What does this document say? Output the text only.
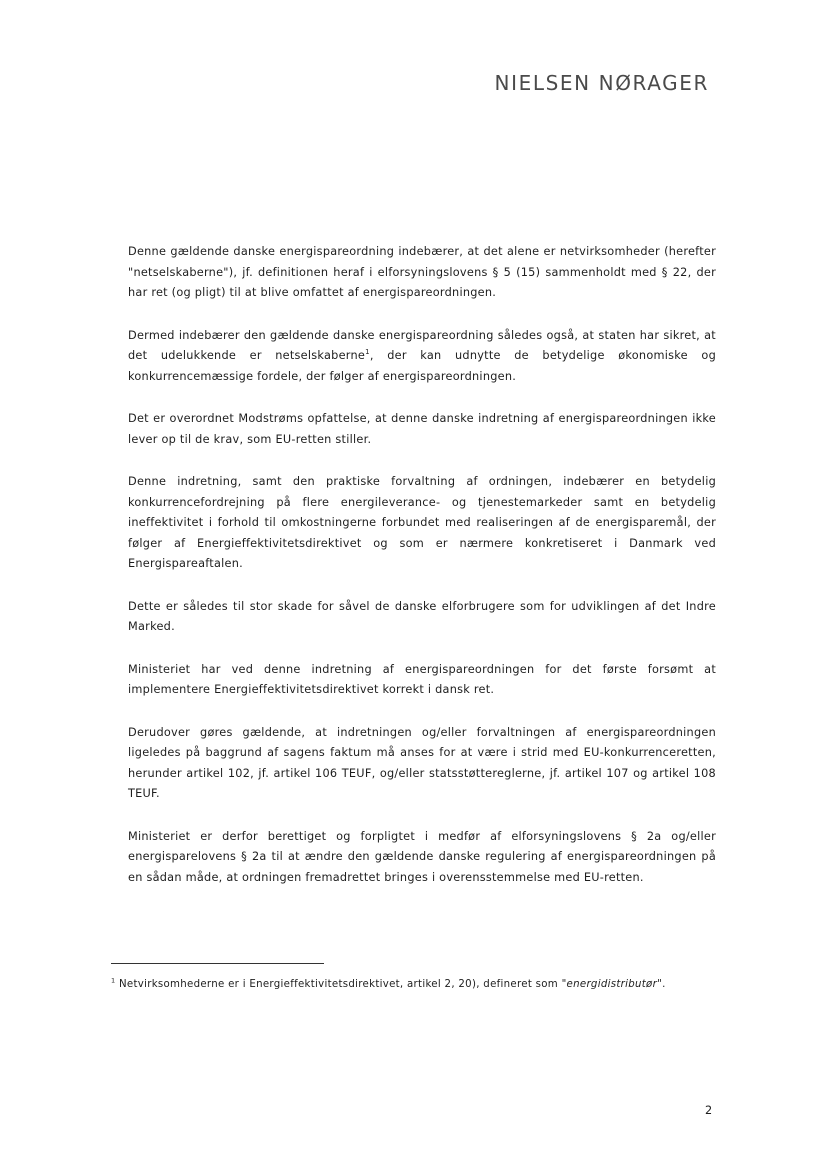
NIELSEN NØRAGER

Denne gældende danske energispareordning indebærer, at det alene er netvirksomheder (herefter "netselskaberne"), jf. definitionen heraf i elforsyningslovens § 5 (15) sammenholdt med § 22, der har ret (og pligt) til at blive omfattet af energispareordningen.

Dermed indebærer den gældende danske energispareordning således også, at staten har sikret, at det udelukkende er netselskaberne$^1$, der kan udnytte de betydelige økonomiske og konkurrencemæssige fordele, der følger af energispareordningen.

Det er overordnet Modstrøms opfattelse, at denne danske indretning af energispareordningen ikke lever op til de krav, som EU-retten stiller.

Denne indretning, samt den praktiske forvaltning af ordningen, indebærer en betydelig konkurrencefordrejning på flere energileverance- og tjenestemarkeder samt en betydelig ineffektivitet i forhold til omkostningerne forbundet med realiseringen af de energisparemål, der følger af Energieffektivitetsdirektivet og som er nærmere konkretiseret i Danmark ved Energispareaftalen.

Dette er således til stor skade for såvel de danske elforbrugere som for udviklingen af det Indre Marked.

Ministeriet har ved denne indretning af energispareordningen for det første forsømt at implementere Energieffektivitetsdirektivet korrekt i dansk ret.

Derudover gøres gældende, at indretningen og/eller forvaltningen af energispareordningen ligeledes på baggrund af sagens faktum må anses for at være i strid med EU-konkurrenceretten, herunder artikel 102, jf. artikel 106 TEUF, og/eller statsstøttereglerne, jf. artikel 107 og artikel 108 TEUF.

Ministeriet er derfor berettiget og forpligtet i medfør af elforsyningslovens § 2a og/eller energisparelovens § 2a til at ændre den gældende danske regulering af energispareordningen på en sådan måde, at ordningen fremadrettet bringes i overensstemmelse med EU-retten.

$^1$ Netvirksomhederne er i Energieffektivitetsdirektivet, artikel 2, 20), defineret som "energidistributør".

2
